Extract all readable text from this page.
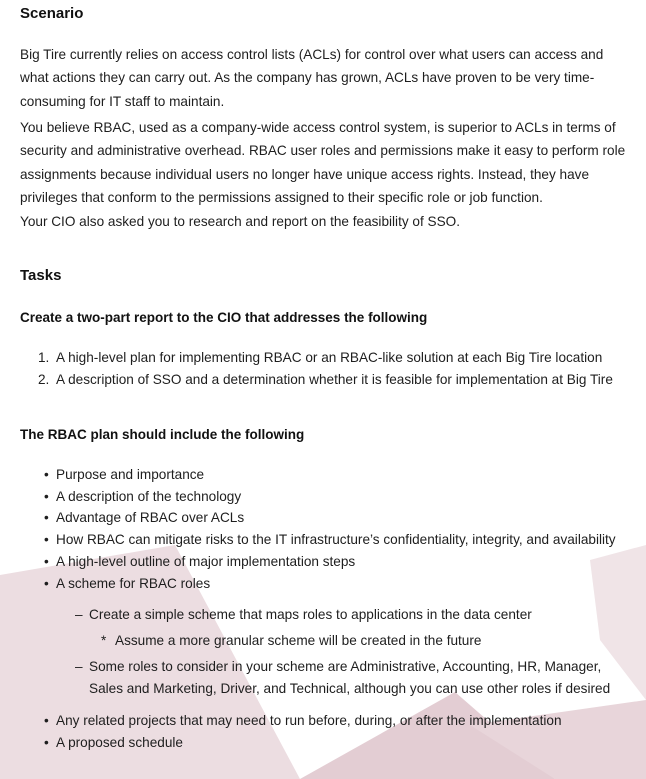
Scenario
Big Tire currently relies on access control lists (ACLs) for control over what users can access and what actions they can carry out. As the company has grown, ACLs have proven to be very time-consuming for IT staff to maintain.
You believe RBAC, used as a company-wide access control system, is superior to ACLs in terms of security and administrative overhead. RBAC user roles and permissions make it easy to perform role assignments because individual users no longer have unique access rights. Instead, they have privileges that conform to the permissions assigned to their specific role or job function.
Your CIO also asked you to research and report on the feasibility of SSO.
Tasks
Create a two-part report to the CIO that addresses the following
1. A high-level plan for implementing RBAC or an RBAC-like solution at each Big Tire location
2. A description of SSO and a determination whether it is feasible for implementation at Big Tire
The RBAC plan should include the following
• Purpose and importance
• A description of the technology
• Advantage of RBAC over ACLs
• How RBAC can mitigate risks to the IT infrastructure’s confidentiality, integrity, and availability
• A high-level outline of major implementation steps
• A scheme for RBAC roles
– Create a simple scheme that maps roles to applications in the data center
* Assume a more granular scheme will be created in the future
– Some roles to consider in your scheme are Administrative, Accounting, HR, Manager, Sales and Marketing, Driver, and Technical, although you can use other roles if desired
• Any related projects that may need to run before, during, or after the implementation
• A proposed schedule
